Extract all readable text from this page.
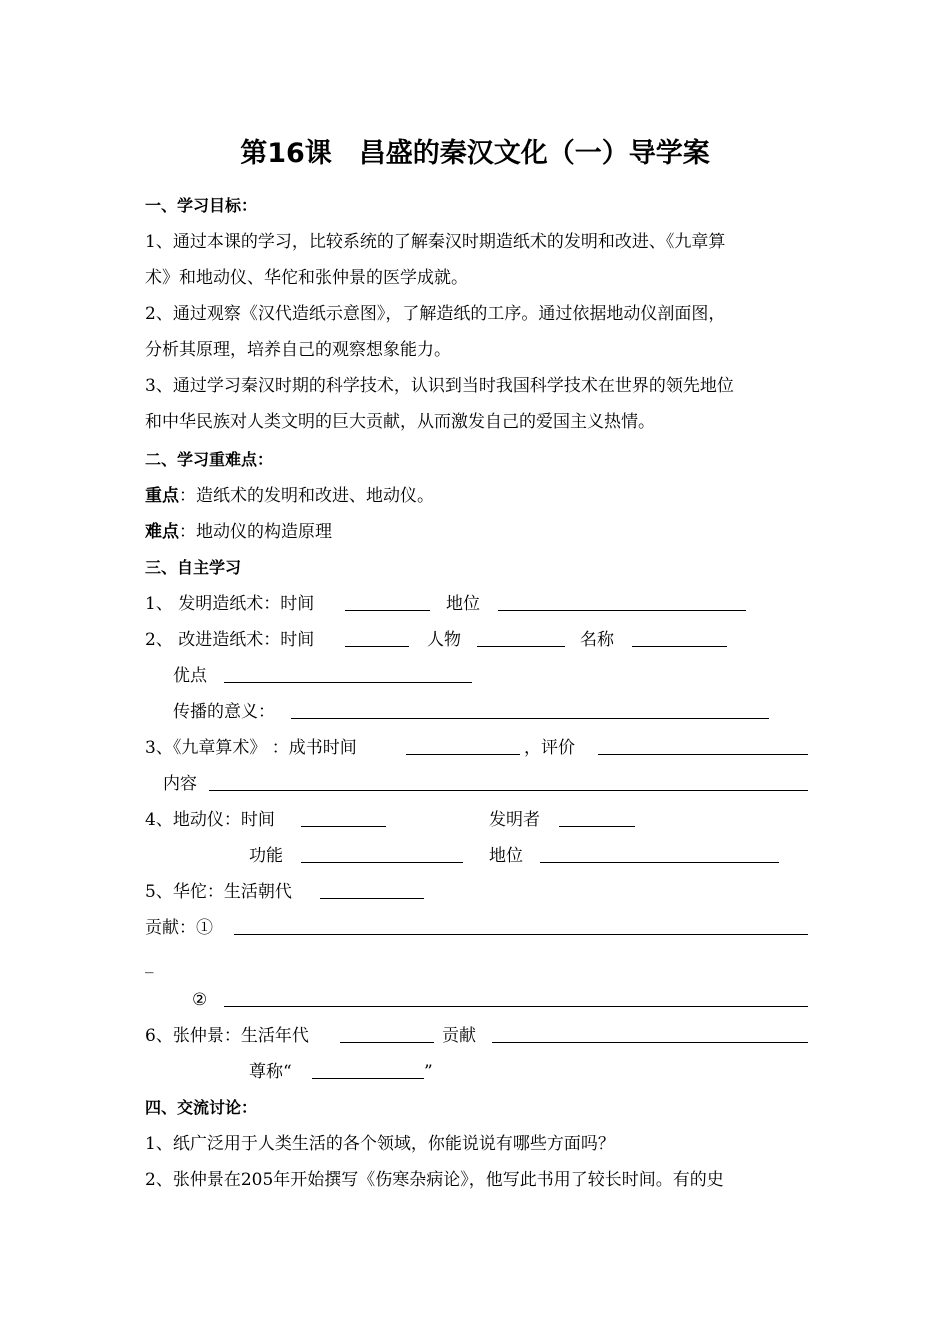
第16课　昌盛的秦汉文化（一）导学案
一、学习目标：
1、通过本课的学习，比较系统的了解秦汉时期造纸术的发明和改进、《九章算
术》和地动仪、华佗和张仲景的医学成就。
2、通过观察《汉代造纸示意图》，了解造纸的工序。通过依据地动仪剖面图，
分析其原理，培养自己的观察想象能力。
3、通过学习秦汉时期的科学技术，认识到当时我国科学技术在世界的领先地位
和中华民族对人类文明的巨大贡献，从而激发自己的爱国主义热情。
二、学习重难点：
重点：造纸术的发明和改进、地动仪。
难点：地动仪的构造原理
三、自主学习
1、 发明造纸术：时间	地位
2、 改进造纸术：时间	人物	名称
优点
传播的意义：
3、《九章算术》 ：成书时间	，评价
内容
4、地动仪：时间	发明者
功能	地位
5、华佗：生活朝代
贡献：①
_
②
6、张仲景：生活年代	贡献
尊称“	”
四、交流讨论：
1、纸广泛用于人类生活的各个领域，你能说说有哪些方面吗？
2、张仲景在205年开始撰写《伤寒杂病论》，他写此书用了较长时间。有的史
